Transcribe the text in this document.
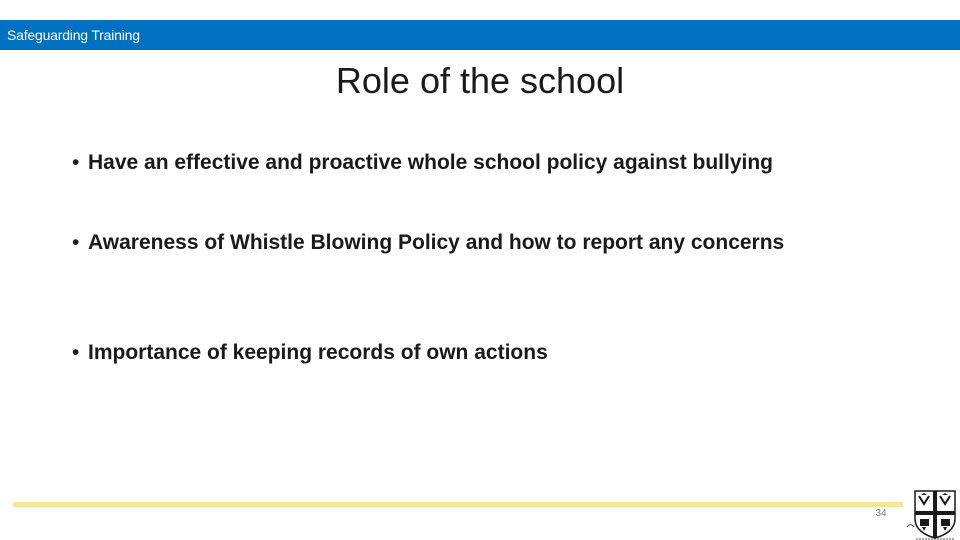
Safeguarding Training
Role of the school
• Have an effective and proactive whole school policy against bullying
• Awareness of Whistle Blowing Policy and how to report any concerns
• Importance of keeping records of own actions
34
